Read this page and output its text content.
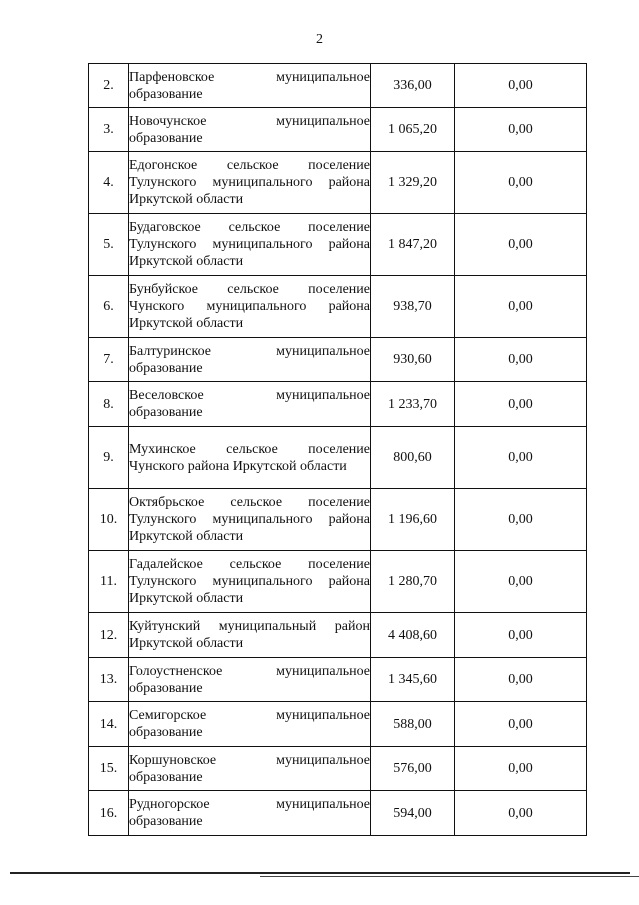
2
2.	Парфеновское муниципальное образование	336,00	0,00
3.	Новочунское муниципальное образование	1 065,20	0,00
4.	Едогонское сельское поселение Тулунского муниципального района Иркутской области	1 329,20	0,00
5.	Будаговское сельское поселение Тулунского муниципального района Иркутской области	1 847,20	0,00
6.	Бунбуйское сельское поселение Чунского муниципального района Иркутской области	938,70	0,00
7.	Балтуринское муниципальное образование	930,60	0,00
8.	Веселовское муниципальное образование	1 233,70	0,00
9.	Мухинское сельское поселение Чунского района Иркутской области	800,60	0,00
10.	Октябрьское сельское поселение Тулунского муниципального района Иркутской области	1 196,60	0,00
11.	Гадалейское сельское поселение Тулунского муниципального района Иркутской области	1 280,70	0,00
12.	Куйтунский муниципальный район Иркутской области	4 408,60	0,00
13.	Голоустненское муниципальное образование	1 345,60	0,00
14.	Семигорское муниципальное образование	588,00	0,00
15.	Коршуновское муниципальное образование	576,00	0,00
16.	Рудногорское муниципальное образование	594,00	0,00
